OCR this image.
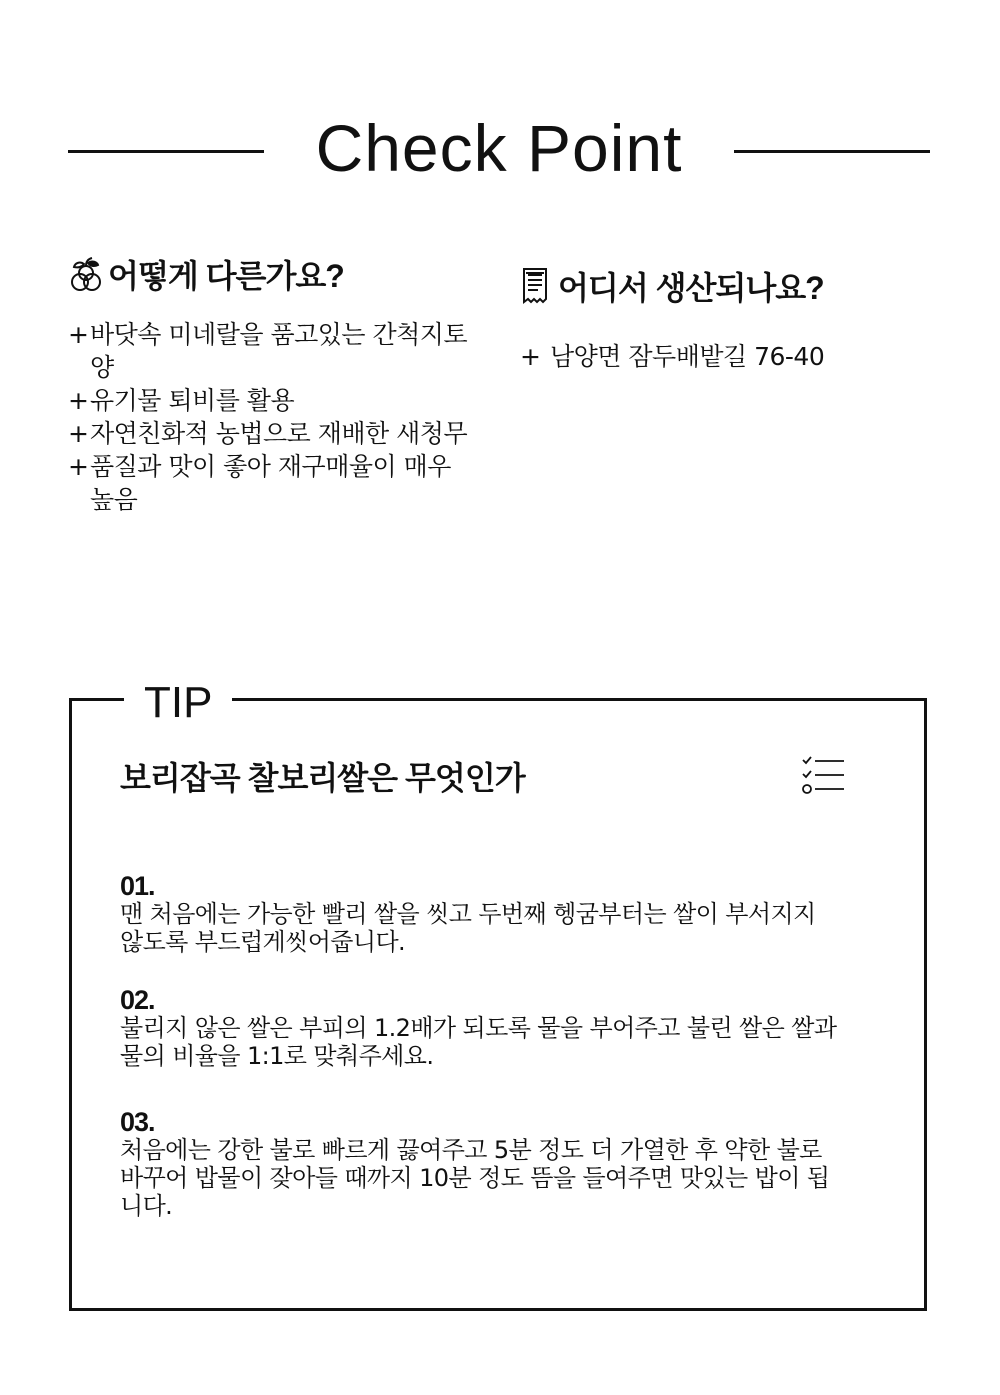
Check Point
어떻게 다른가요?
+ 바닷속 미네랄을 품고있는 간척지토양
+ 유기물 퇴비를 활용
+ 자연친화적 농법으로 재배한 새청무
+ 품질과 맛이 좋아 재구매율이 매우 높음
어디서 생산되나요?
+ 남양면 잠두배밭길 76-40
TIP
보리잡곡 찰보리쌀은 무엇인가
01.
맨 처음에는 가능한 빨리 쌀을 씻고 두번째 헹굼부터는 쌀이 부서지지 않도록 부드럽게씻어줍니다.
02.
불리지 않은 쌀은 부피의 1.2배가 되도록 물을 부어주고 불린 쌀은 쌀과 물의 비율을 1:1로 맞춰주세요.
03.
처음에는 강한 불로 빠르게 끓여주고 5분 정도 더 가열한 후 약한 불로 바꾸어 밥물이 잦아들 때까지 10분 정도 뜸을 들여주면 맛있는 밥이 됩니다.
